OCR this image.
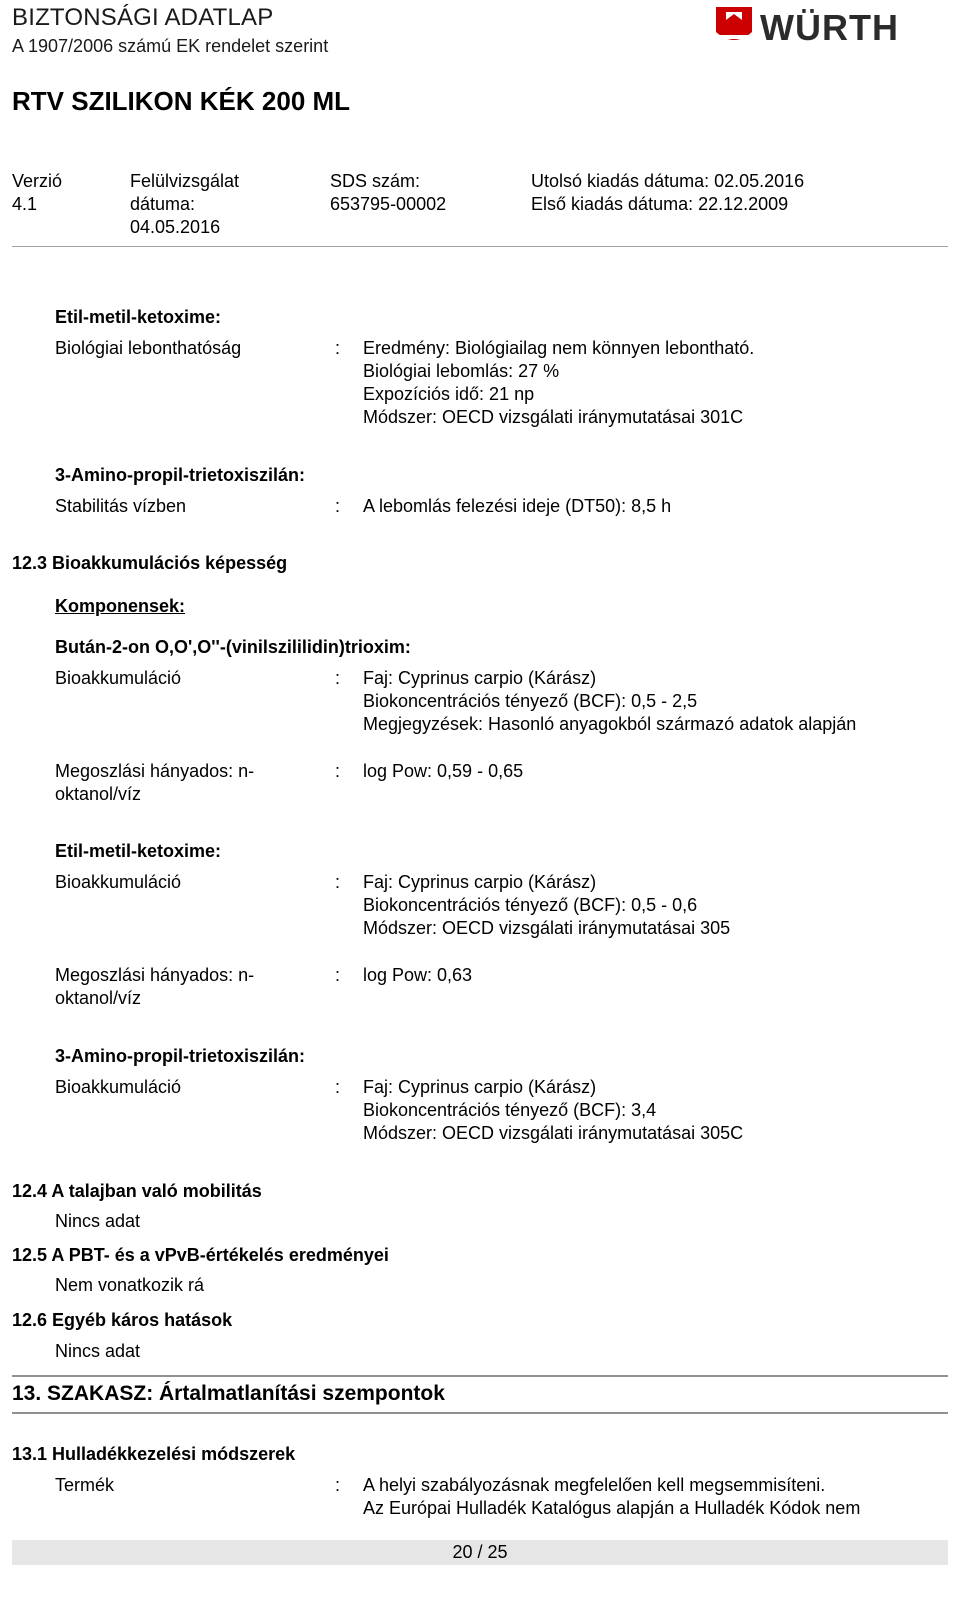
BIZTONSÁGI ADATLAP
A 1907/2006 számú EK rendelet szerint	WÜRTH
RTV SZILIKON KÉK 200 ML
Verzió
4.1
Felülvizsgálat
dátuma:
04.05.2016
SDS szám:
653795-00002
Utolsó kiadás dátuma: 02.05.2016
Első kiadás dátuma: 22.12.2009
Etil-metil-ketoxime:
Biológiai lebonthatóság	: Eredmény: Biológiailag nem könnyen lebontható.
Biológiai lebomlás: 27 %
Expozíciós idő: 21 np
Módszer: OECD vizsgálati iránymutatásai 301C
3-Amino-propil-trietoxiszilán:
Stabilitás vízben	: A lebomlás felezési ideje (DT50): 8,5 h
12.3 Bioakkumulációs képesség
Komponensek:
Bután-2-on O,O',O''-(vinilszililidin)trioxim:
Bioakkumuláció	: Faj: Cyprinus carpio (Kárász)
Biokoncentrációs tényező (BCF): 0,5 - 2,5
Megjegyzések: Hasonló anyagokból származó adatok alapján
Megoszlási hányados: n-oktanol/víz
: log Pow: 0,59 - 0,65
Etil-metil-ketoxime:
Bioakkumuláció	: Faj: Cyprinus carpio (Kárász)
Biokoncentrációs tényező (BCF): 0,5 - 0,6
Módszer: OECD vizsgálati iránymutatásai 305
Megoszlási hányados: n-oktanol/víz
: log Pow: 0,63
3-Amino-propil-trietoxiszilán:
Bioakkumuláció	: Faj: Cyprinus carpio (Kárász)
Biokoncentrációs tényező (BCF): 3,4
Módszer: OECD vizsgálati iránymutatásai 305C
12.4 A talajban való mobilitás
Nincs adat
12.5 A PBT- és a vPvB-értékelés eredményei
Nem vonatkozik rá
12.6 Egyéb káros hatások
Nincs adat
13. SZAKASZ: Ártalmatlanítási szempontok
13.1 Hulladékkezelési módszerek
Termék	: A helyi szabályozásnak megfelelően kell megsemmisíteni.
Az Európai Hulladék Katalógus alapján a Hulladék Kódok nem
20 / 25
